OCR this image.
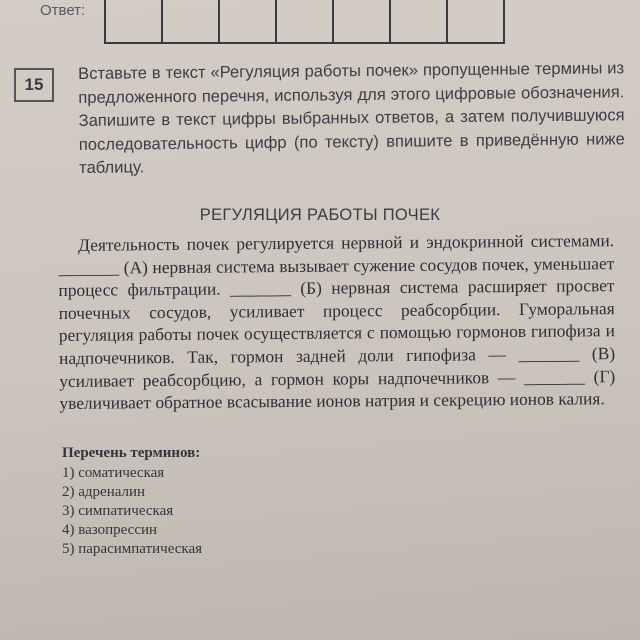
Ответ:

15
Вставьте в текст «Регуляция работы почек» пропущенные термины из предложенного перечня, используя для этого цифровые обозначения. Запишите в текст цифры выбранных ответов, а затем получившуюся последовательность цифр (по тексту) впишите в приведённую ниже таблицу.
РЕГУЛЯЦИЯ РАБОТЫ ПОЧЕК

Деятельность почек регулируется нервной и эндокринной системами. _______ (А) нервная система вызывает сужение сосудов почек, уменьшает процесс фильтрации. _______ (Б) нервная система расширяет просвет почечных сосудов, усиливает процесс реабсорбции. Гуморальная регуляция работы почек осуществляется с помощью гормонов гипофиза и надпочечников. Так, гормон задней доли гипофиза — _______ (В) усиливает реабсорбцию, а гормон коры надпочечников — _______ (Г) увеличивает обратное всасывание ионов натрия и секрецию ионов калия.

Перечень терминов:
1) соматическая
2) адреналин
3) симпатическая
4) вазопрессин
5) парасимпатическая
